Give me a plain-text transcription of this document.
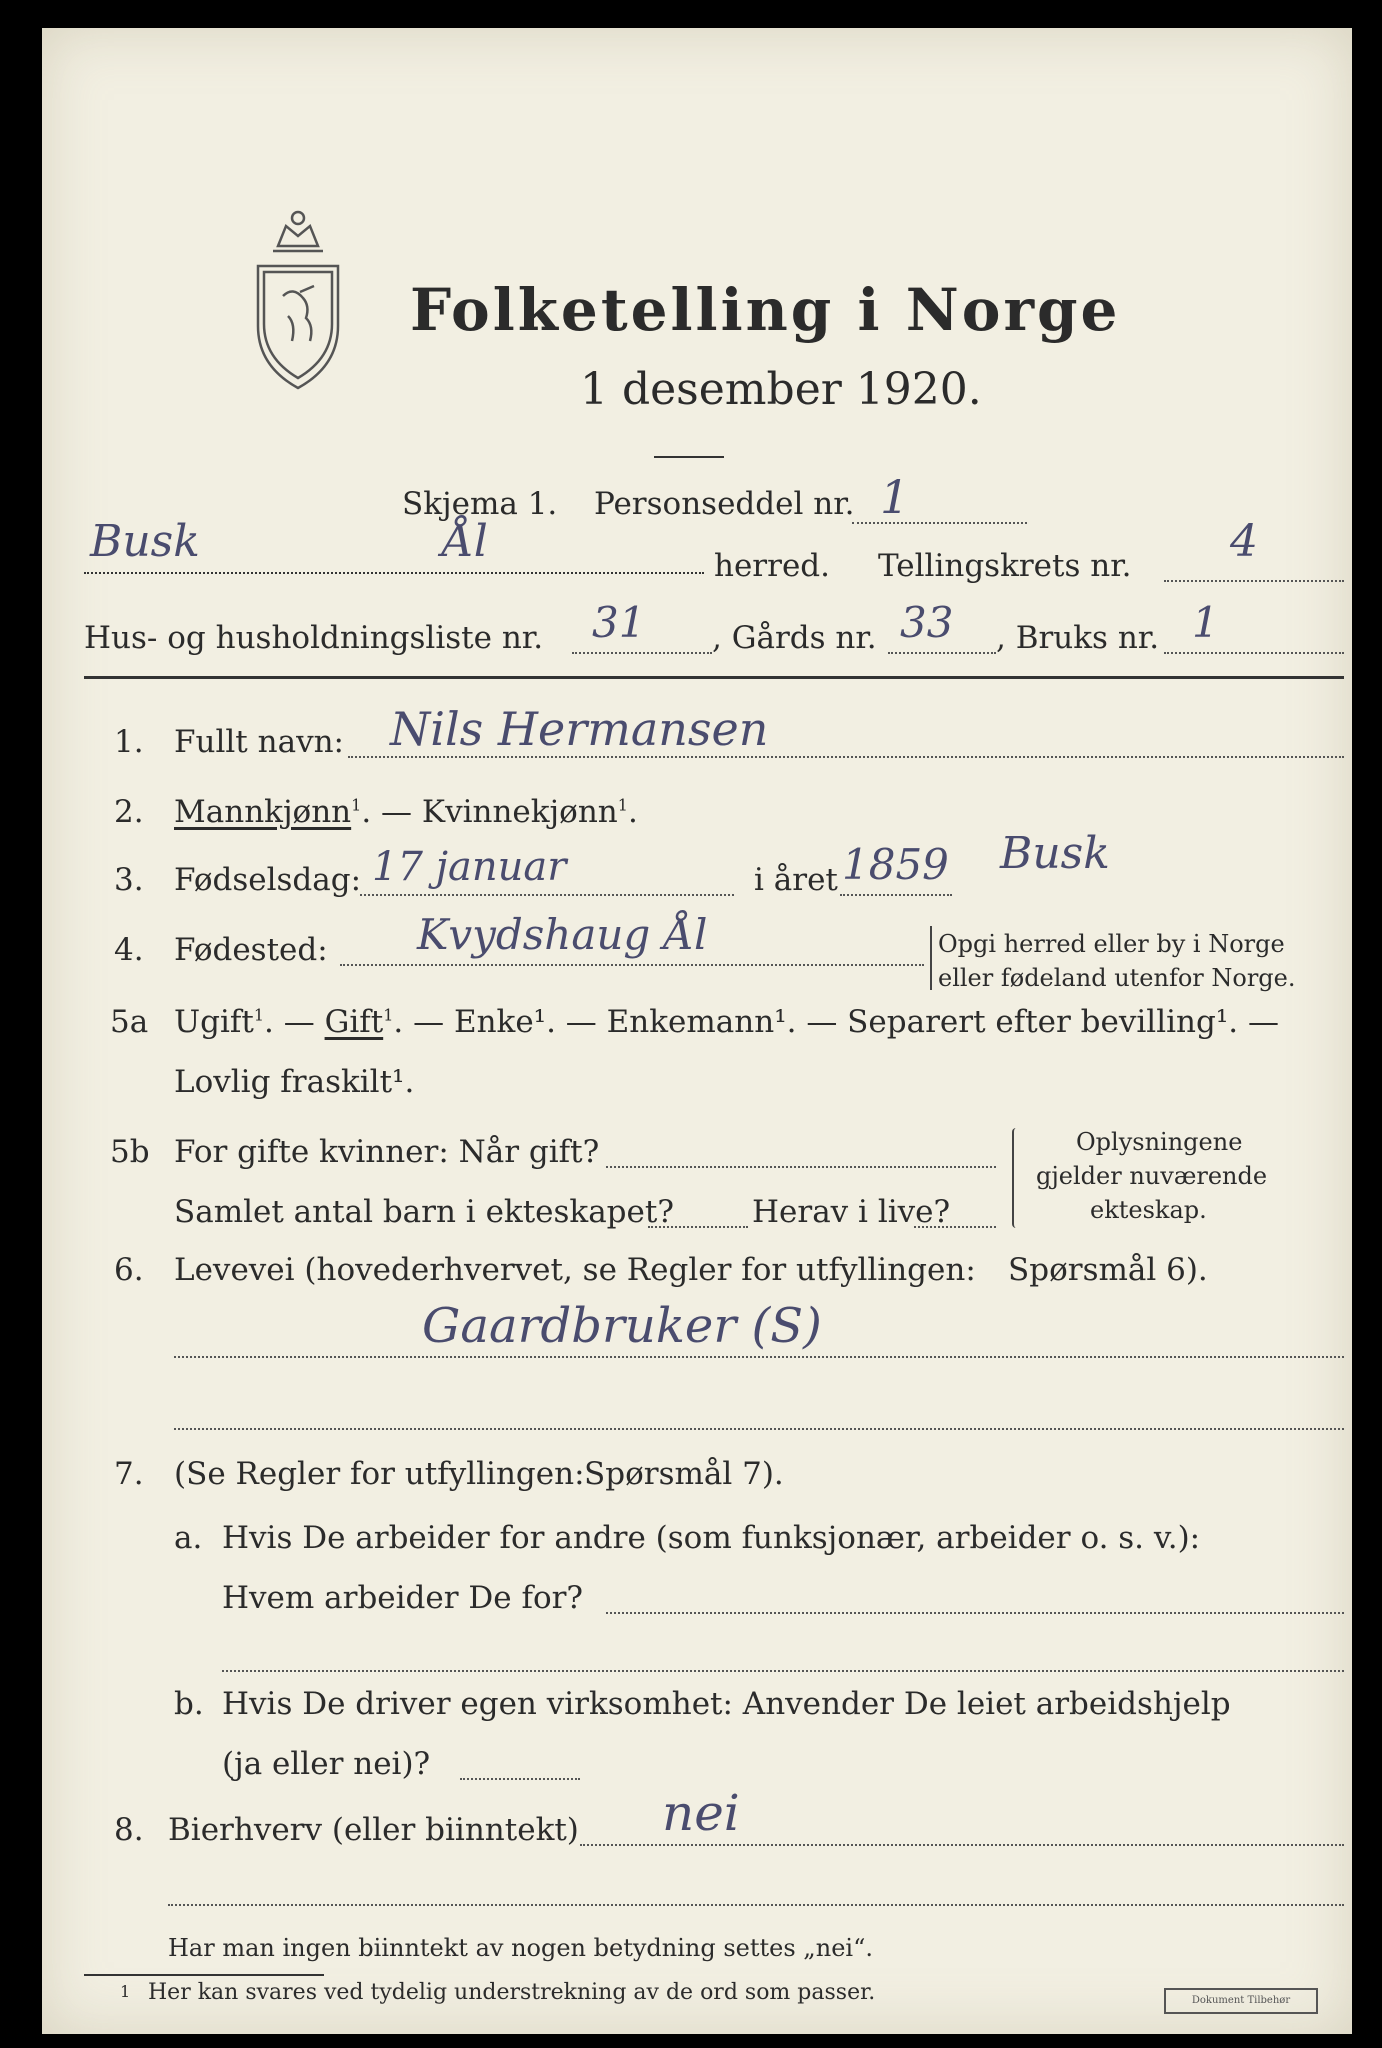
Folketelling i Norge
1 desember 1920.
Skjema 1. Personseddel nr. 1
Busk	Ål	herred. Tellingskrets nr. 4
Hus- og husholdningsliste nr. 31 , Gårds nr. 33 , Bruks nr. 1
1. Fullt navn: Nils Hermansen
2. Mannkjønn$^1$. — Kvinnekjønn$^1$.
3. Fødselsdag: 17 januar	i året 1859 Busk
4. Fødested: Kvydshaug Ål	Opgi herred eller by i Norge
eller fødeland utenfor Norge.
5a Ugift$^1$. — Gift$^1$. — Enke¹. — Enkemann¹. — Separert efter bevilling¹. —
Lovlig fraskilt¹.
5b For gifte kvinner: Når gift?
Samlet antal barn i ekteskapet?	Herav i live?
Oplysningene
gjelder nuværende
ekteskap.
6. Levevei (hovederhvervet, se Regler for utfyllingen: Spørsmål 6).
Gaardbruker (S)
7. (Se Regler for utfyllingen: Spørsmål 7).
a. Hvis De arbeider for andre (som funksjonær, arbeider o. s. v.):
Hvem arbeider De for?
b. Hvis De driver egen virksomhet: Anvender De leiet arbeidshjelp
(ja eller nei)?
8. Bierhverv (eller biinntekt) nei
Har man ingen biinntekt av nogen betydning settes „nei“.
1 Her kan svares ved tydelig understrekning av de ord som passer.	Dokument Tilbehør
